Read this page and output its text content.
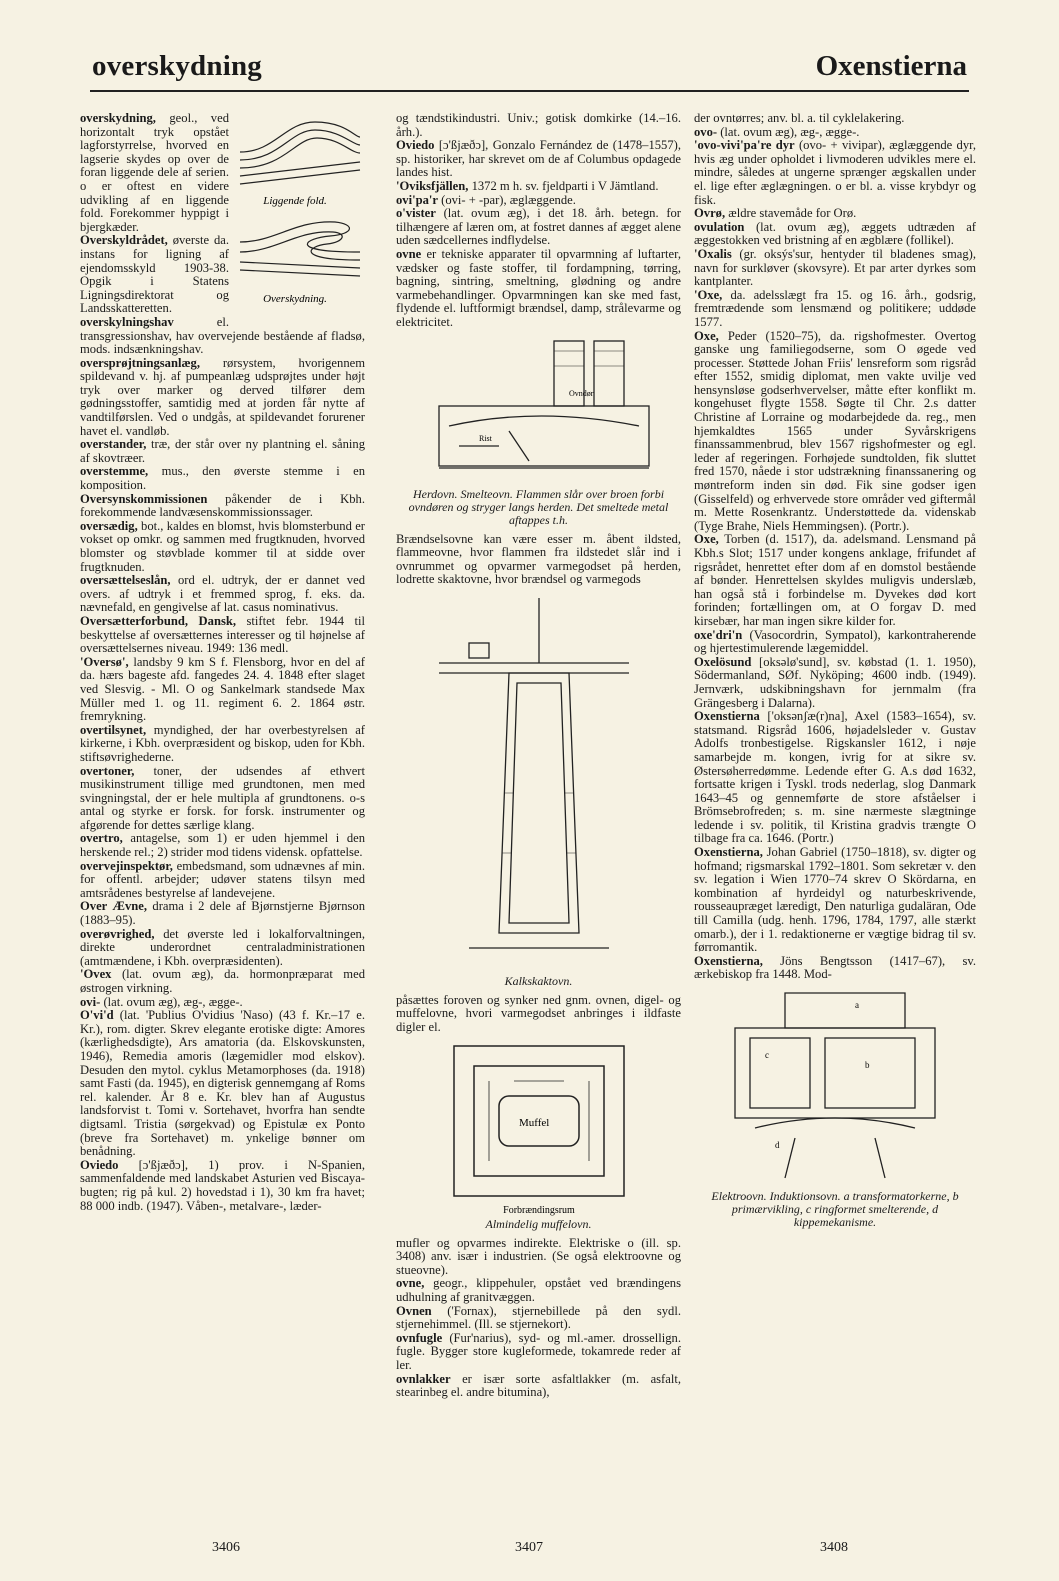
overskydning	Oxenstierna
Liggende fold.
Overskydning.

overskydning, geol., ved horizontalt tryk opstået lagforstyrrelse, hvorved en lagserie skydes op over de foran liggende dele af serien. o er oftest en videre udvikling af en liggende fold. Forekommer hyppigt i bjergkæder.

Overskyldrådet, øverste da. instans for ligning af ejendomsskyld 1903-38. Opgik i Statens Ligningsdirektorat og Landsskatteretten.

overskylningshav el. transgressionshav, hav overvejende bestående af fladsø, mods. indsænkningshav.

oversprøjtningsanlæg, rørsystem, hvorigennem spildevand v. hj. af pumpeanlæg udsprøjtes under højt tryk over marker og derved tilfører dem gødningsstoffer, samtidig med at jorden får nytte af vandtilførslen. Ved o undgås, at spildevandet forurener havet el. vandløb.

overstander, træ, der står over ny plantning el. såning af skovtræer.

overstemme, mus., den øverste stemme i en komposition.

Oversynskommissionen påkender de i Kbh. forekommende landvæsenskommissionssager.

oversædig, bot., kaldes en blomst, hvis blomsterbund er vokset op omkr. og sammen med frugtknuden, hvorved blomster og støvblade kommer til at sidde over frugtknuden.

oversættelseslån, ord el. udtryk, der er dannet ved overs. af udtryk i et fremmed sprog, f. eks. da. nævnefald, en gengivelse af lat. casus nominativus.

Oversætterforbund, Dansk, stiftet febr. 1944 til beskyttelse af oversætternes interesser og til højnelse af oversættelsernes niveau. 1949: 136 medl.

'Oversø', landsby 9 km S f. Flensborg, hvor en del af da. hærs bageste afd. fangedes 24. 4. 1848 efter slaget ved Slesvig. - Ml. O og Sankelmark standsede Max Müller med 1. og 11. regiment 6. 2. 1864 østr. fremrykning.

overtilsynet, myndighed, der har overbestyrelsen af kirkerne, i Kbh. overpræsident og biskop, uden for Kbh. stiftsøvrighederne.

overtoner, toner, der udsendes af ethvert musikinstrument tillige med grundtonen, men med svingningstal, der er hele multipla af grundtonens. o-s antal og styrke er forsk. for forsk. instrumenter og afgørende for dettes særlige klang.

overtro, antagelse, som 1) er uden hjemmel i den herskende rel.; 2) strider mod tidens vidensk. opfattelse.

overvejinspektør, embedsmand, som udnævnes af min. for offentl. arbejder; udøver statens tilsyn med amtsrådenes bestyrelse af landevejene.

Over Ævne, drama i 2 dele af Bjørnstjerne Bjørnson (1883–95).

overøvrighed, det øverste led i lokalforvaltningen, direkte underordnet centraladministrationen (amtmændene, i Kbh. overpræsidenten).

'Ovex (lat. ovum æg), da. hormonpræparat med østrogen virkning.

ovi- (lat. ovum æg), æg-, ægge-.

O'vi'd (lat. 'Publius O'vidius 'Naso) (43 f. Kr.–17 e. Kr.), rom. digter. Skrev elegante erotiske digte: Amores (kærlighedsdigte), Ars amatoria (da. Elskovskunsten, 1946), Remedia amoris (lægemidler mod elskov). Desuden den mytol. cyklus Metamorphoses (da. 1918) samt Fasti (da. 1945), en digterisk gennemgang af Roms rel. kalender. År 8 e. Kr. blev han af Augustus landsforvist t. Tomi v. Sortehavet, hvorfra han sendte digtsaml. Tristia (sørgekvad) og Epistulæ ex Ponto (breve fra Sortehavet) m. ynkelige bønner om benådning.

Oviedo [ɔ'ßjæðɔ], 1) prov. i N-Spanien, sammenfaldende med landskabet Asturien ved Biscaya-bugten; rig på kul. 2) hovedstad i 1), 30 km fra havet; 88 000 indb. (1947). Våben-, metalvare-, læder-

og tændstikindustri. Univ.; gotisk domkirke (14.–16. årh.).

Oviedo [ɔ'ßjæðɔ], Gonzalo Fernández de (1478–1557), sp. historiker, har skrevet om de af Columbus opdagede landes hist.

'Oviksfjällen, 1372 m h. sv. fjeldparti i V Jämtland.

ovi'pa'r (ovi- + -par), æglæggende.

o'vister (lat. ovum æg), i det 18. årh. betegn. for tilhængere af læren om, at fostret dannes af ægget alene uden sædcellernes indflydelse.

ovne er tekniske apparater til opvarmning af luftarter, vædsker og faste stoffer, til fordampning, tørring, bagning, sintring, smeltning, glødning og andre varmebehandlinger. Opvarmningen kan ske med fast, flydende el. luftformigt brændsel, damp, strålevarme og elektricitet.

Ovndør
Rist
Herdovn. Smelteovn. Flammen slår over broen forbi ovndøren og stryger langs herden. Det smeltede metal aftappes t.h.

Brændselsovne kan være esser m. åbent ildsted, flammeovne, hvor flammen fra ildstedet slår ind i ovnrummet og opvarmer varmegodset på herden, lodrette skaktovne, hvor brændsel og varmegods

Kalkskaktovn.

påsættes foroven og synker ned gnm. ovnen, digel- og muffelovne, hvori varmegodset anbringes i ildfaste digler el.

Muffel
Forbrændingsrum
Almindelig muffelovn.

mufler og opvarmes indirekte. Elektriske o (ill. sp. 3408) anv. især i industrien. (Se også elektroovne og stueovne).

ovne, geogr., klippehuler, opstået ved brændingens udhulning af granitvæggen.

Ovnen ('Fornax), stjernebillede på den sydl. stjernehimmel. (Ill. se stjernekort).

ovnfugle (Fur'narius), syd- og ml.-amer. drossellign. fugle. Bygger store kugleformede, tokamrede reder af ler.

ovnlakker er især sorte asfaltlakker (m. asfalt, stearinbeg el. andre bitumina),

der ovntørres; anv. bl. a. til cyklelakering.

ovo- (lat. ovum æg), æg-, ægge-.

'ovo-vivi'pa're dyr (ovo- + vivipar), æglæggende dyr, hvis æg under opholdet i livmoderen udvikles mere el. mindre, således at ungerne sprænger ægskallen under el. lige efter æglægningen. o er bl. a. visse krybdyr og fisk.

Ovrø, ældre stavemåde for Orø.

ovulation (lat. ovum æg), æggets udtræden af æggestokken ved bristning af en ægblære (follikel).

'Oxalis (gr. oksýs'sur, hentyder til bladenes smag), navn for surkløver (skovsyre). Et par arter dyrkes som kantplanter.

'Oxe, da. adelsslægt fra 15. og 16. årh., godsrig, fremtrædende som lensmænd og politikere; uddøde 1577.

Oxe, Peder (1520–75), da. rigshofmester. Overtog ganske ung familiegodserne, som O øgede ved processer. Støttede Johan Friis' lensreform som rigsråd efter 1552, smidig diplomat, men vakte uvilje ved hensynsløse godserhvervelser, måtte efter konflikt m. kongehuset flygte 1558. Søgte til Chr. 2.s datter Christine af Lorraine og modarbejdede da. reg., men hjemkaldtes 1565 under Syvårskrigens finanssammenbrud, blev 1567 rigshofmester og egl. leder af regeringen. Forhøjede sundtolden, fik sluttet fred 1570, nåede i stor udstrækning finanssanering og møntreform inden sin død. Fik sine godser igen (Gisselfeld) og erhvervede store områder ved giftermål m. Mette Rosenkrantz. Understøttede da. videnskab (Tyge Brahe, Niels Hemmingsen). (Portr.).

Oxe, Torben (d. 1517), da. adelsmand. Lensmand på Kbh.s Slot; 1517 under kongens anklage, frifundet af rigsrådet, henrettet efter dom af en domstol bestående af bønder. Henrettelsen skyldes muligvis underslæb, han også stå i forbindelse m. Dyvekes død kort forinden; fortællingen om, at O forgav D. med kirsebær, har man ingen sikre kilder for.

oxe'dri'n (Vasocordrin, Sympatol), karkontraherende og hjertestimulerende lægemiddel.

Oxelösund [oksəlø'sund], sv. købstad (1. 1. 1950), Södermanland, SØf. Nyköping; 4600 indb. (1949). Jernværk, udskibningshavn for jernmalm (fra Grängesberg i Dalarna).

Oxenstierna ['oksənʃæ(r)na], Axel (1583–1654), sv. statsmand. Rigsråd 1606, højadelsleder v. Gustav Adolfs tronbestigelse. Rigskansler 1612, i nøje samarbejde m. kongen, ivrig for at sikre sv. Østersøherredømme. Ledende efter G. A.s død 1632, fortsatte krigen i Tyskl. trods nederlag, slog Danmark 1643–45 og gennemførte de store afståelser i Brömsebrofreden; s. m. sine nærmeste slægtninge ledende i sv. politik, til Kristina gradvis trængte O tilbage fra ca. 1646. (Portr.)

Oxenstierna, Johan Gabriel (1750–1818), sv. digter og hofmand; rigsmarskal 1792–1801. Som sekretær v. den sv. legation i Wien 1770–74 skrev O Skördarna, en kombination af hyrdeidyl og naturbeskrivende, rousseaupræget læredigt, Den naturliga gudaläran, Ode till Camilla (udg. henh. 1796, 1784, 1797, alle stærkt omarb.), der i 1. redaktionerne er vægtige bidrag til sv. førromantik.

Oxenstierna, Jöns Bengtsson (1417–67), sv. ærkebiskop fra 1448. Mod-

a
b
c
d
Elektroovn. Induktionsovn. a transformatorkerne, b primærvikling, c ringformet smelterende, d kippemekanisme.
3406	3407	3408
